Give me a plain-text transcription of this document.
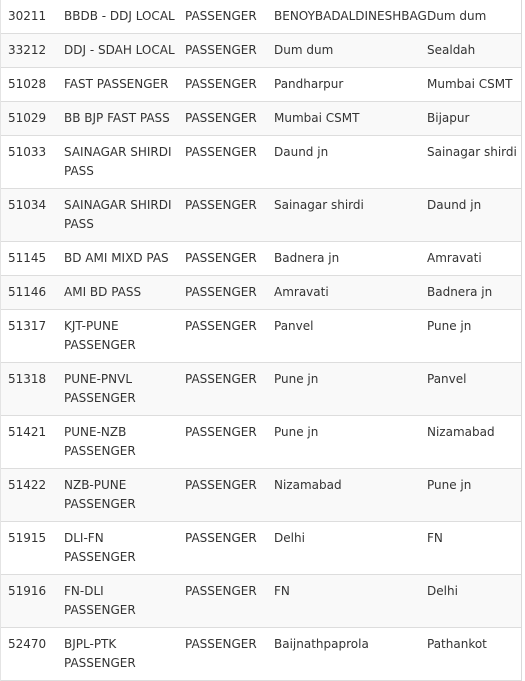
30211	BBDB - DDJ LOCAL	PASSENGER	BENOYBADALDINESHBAG	Dum dum
33212	DDJ - SDAH LOCAL	PASSENGER	Dum dum	Sealdah
51028	FAST PASSENGER	PASSENGER	Pandharpur	Mumbai CSMT
51029	BB BJP FAST PASS	PASSENGER	Mumbai CSMT	Bijapur
51033	SAINAGAR SHIRDI PASS	PASSENGER	Daund jn	Sainagar shirdi
51034	SAINAGAR SHIRDI PASS	PASSENGER	Sainagar shirdi	Daund jn
51145	BD AMI MIXD PAS	PASSENGER	Badnera jn	Amravati
51146	AMI BD PASS	PASSENGER	Amravati	Badnera jn
51317	KJT-PUNE PASSENGER	PASSENGER	Panvel	Pune jn
51318	PUNE-PNVL PASSENGER	PASSENGER	Pune jn	Panvel
51421	PUNE-NZB PASSENGER	PASSENGER	Pune jn	Nizamabad
51422	NZB-PUNE PASSENGER	PASSENGER	Nizamabad	Pune jn
51915	DLI-FN PASSENGER	PASSENGER	Delhi	FN
51916	FN-DLI PASSENGER	PASSENGER	FN	Delhi
52470	BJPL-PTK PASSENGER	PASSENGER	Baijnathpaprola	Pathankot
